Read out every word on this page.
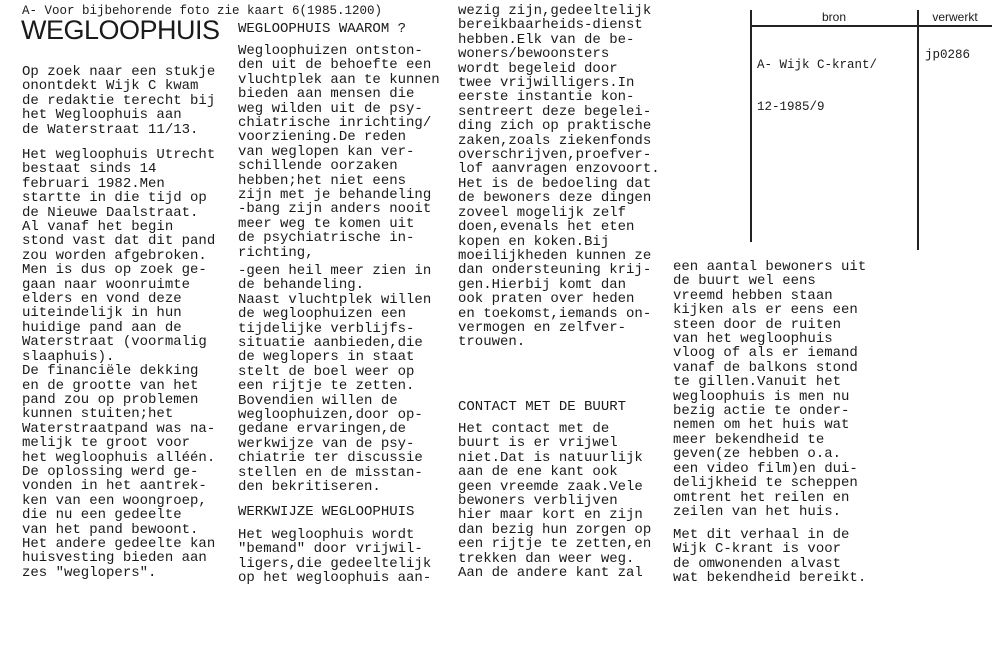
A- Voor bijbehorende foto zie kaart 6(1985.1200)
WEGLOOPHUIS	bron	verwerkt

A- Wijk C-krant/

12-1985/9

jp0286
Op zoek naar een stukje
onontdekt Wijk C kwam
de redaktie terecht bij
het Wegloophuis aan
de Waterstraat 11/13.
Het wegloophuis Utrecht
bestaat sinds 14
februari 1982.Men
startte in die tijd op
de Nieuwe Daalstraat.
Al vanaf het begin
stond vast dat dit pand
zou worden afgebroken.
Men is dus op zoek ge-
gaan naar woonruimte
elders en vond deze
uiteindelijk in hun
huidige pand aan de
Waterstraat (voormalig
slaaphuis).
De financiële dekking
en de grootte van het
pand zou op problemen
kunnen stuiten;het
Waterstraatpand was na-
melijk te groot voor
het wegloophuis alléén.
De oplossing werd ge-
vonden in het aantrek-
ken van een woongroep,
die nu een gedeelte
van het pand bewoont.
Het andere gedeelte kan
huisvesting bieden aan
zes "weglopers".
WEGLOOPHUIS WAAROM ?
Wegloophuizen ontston-
den uit de behoefte een
vluchtplek aan te kunnen
bieden aan mensen die
weg wilden uit de psy-
chiatrische inrichting/
voorziening.De reden
van weglopen kan ver-
schillende oorzaken
hebben;het niet eens
zijn met je behandeling
-bang zijn anders nooit
meer weg te komen uit
de psychiatrische in-
richting,
-geen heil meer zien in
de behandeling.
Naast vluchtplek willen
de wegloophuizen een
tijdelijke verblijfs-
situatie aanbieden,die
de weglopers in staat
stelt de boel weer op
een rijtje te zetten.
Bovendien willen de
wegloophuizen,door op-
gedane ervaringen,de
werkwijze van de psy-
chiatrie ter discussie
stellen en de misstan-
den bekritiseren.
WERKWIJZE WEGLOOPHUIS
Het wegloophuis wordt
"bemand" door vrijwil-
ligers,die gedeeltelijk
op het wegloophuis aan-
wezig zijn,gedeeltelijk
bereikbaarheids-dienst
hebben.Elk van de be-
woners/bewoonsters
wordt begeleid door
twee vrijwilligers.In
eerste instantie kon-
sentreert deze begelei-
ding zich op praktische
zaken,zoals ziekenfonds
overschrijven,proefver-
lof aanvragen enzovoort.
Het is de bedoeling dat
de bewoners deze dingen
zoveel mogelijk zelf
doen,evenals het eten
kopen en koken.Bij
moeilijkheden kunnen ze
dan ondersteuning krij-
gen.Hierbij komt dan
ook praten over heden
en toekomst,iemands on-
vermogen en zelfver-
trouwen.
CONTACT MET DE BUURT
Het contact met de
buurt is er vrijwel
niet.Dat is natuurlijk
aan de ene kant ook
geen vreemde zaak.Vele
bewoners verblijven
hier maar kort en zijn
dan bezig hun zorgen op
een rijtje te zetten,en
trekken dan weer weg.
Aan de andere kant zal
een aantal bewoners uit
de buurt wel eens
vreemd hebben staan
kijken als er eens een
steen door de ruiten
van het wegloophuis
vloog of als er iemand
vanaf de balkons stond
te gillen.Vanuit het
wegloophuis is men nu
bezig actie te onder-
nemen om het huis wat
meer bekendheid te
geven(ze hebben o.a.
een video film)en dui-
delijkheid te scheppen
omtrent het reilen en
zeilen van het huis.
Met dit verhaal in de
Wijk C-krant is voor
de omwonenden alvast
wat bekendheid bereikt.
